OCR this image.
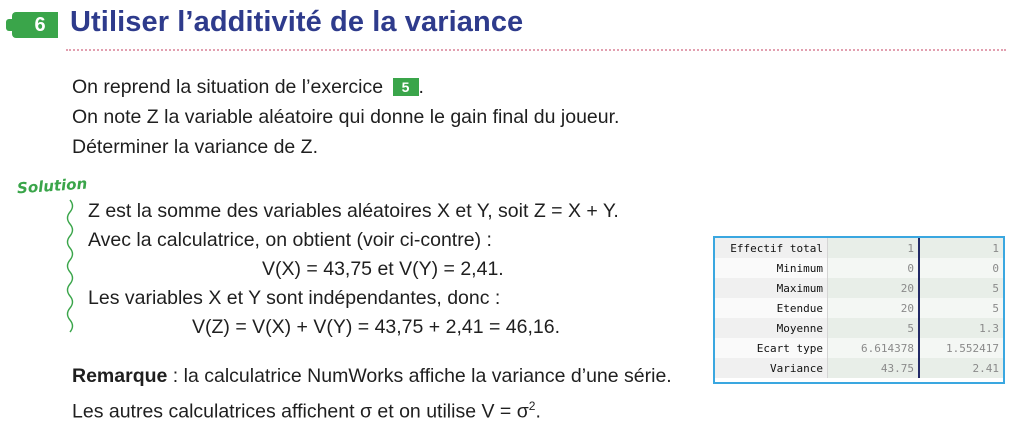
6 Utiliser l’additivité de la variance
On reprend la situation de l’exercice 5 .
On note Z la variable aléatoire qui donne le gain final du joueur.
Déterminer la variance de Z.
Solution
Z est la somme des variables aléatoires X et Y, soit Z = X + Y.
Avec la calculatrice, on obtient (voir ci-contre) :
V(X) = 43,75 et V(Y) = 2,41.
Les variables X et Y sont indépendantes, donc :
V(Z) = V(X) + V(Y) = 43,75 + 2,41 = 46,16.
Remarque : la calculatrice NumWorks affiche la variance d’une série.
Les autres calculatrices affichent σ et on utilise $V = \sigma^2$.
Effectif total	1	1
Minimum	0	0
Maximum	20	5
Etendue	20	5
Moyenne	5	1.3
Ecart type	6.614378	1.552417
Variance	43.75	2.41
